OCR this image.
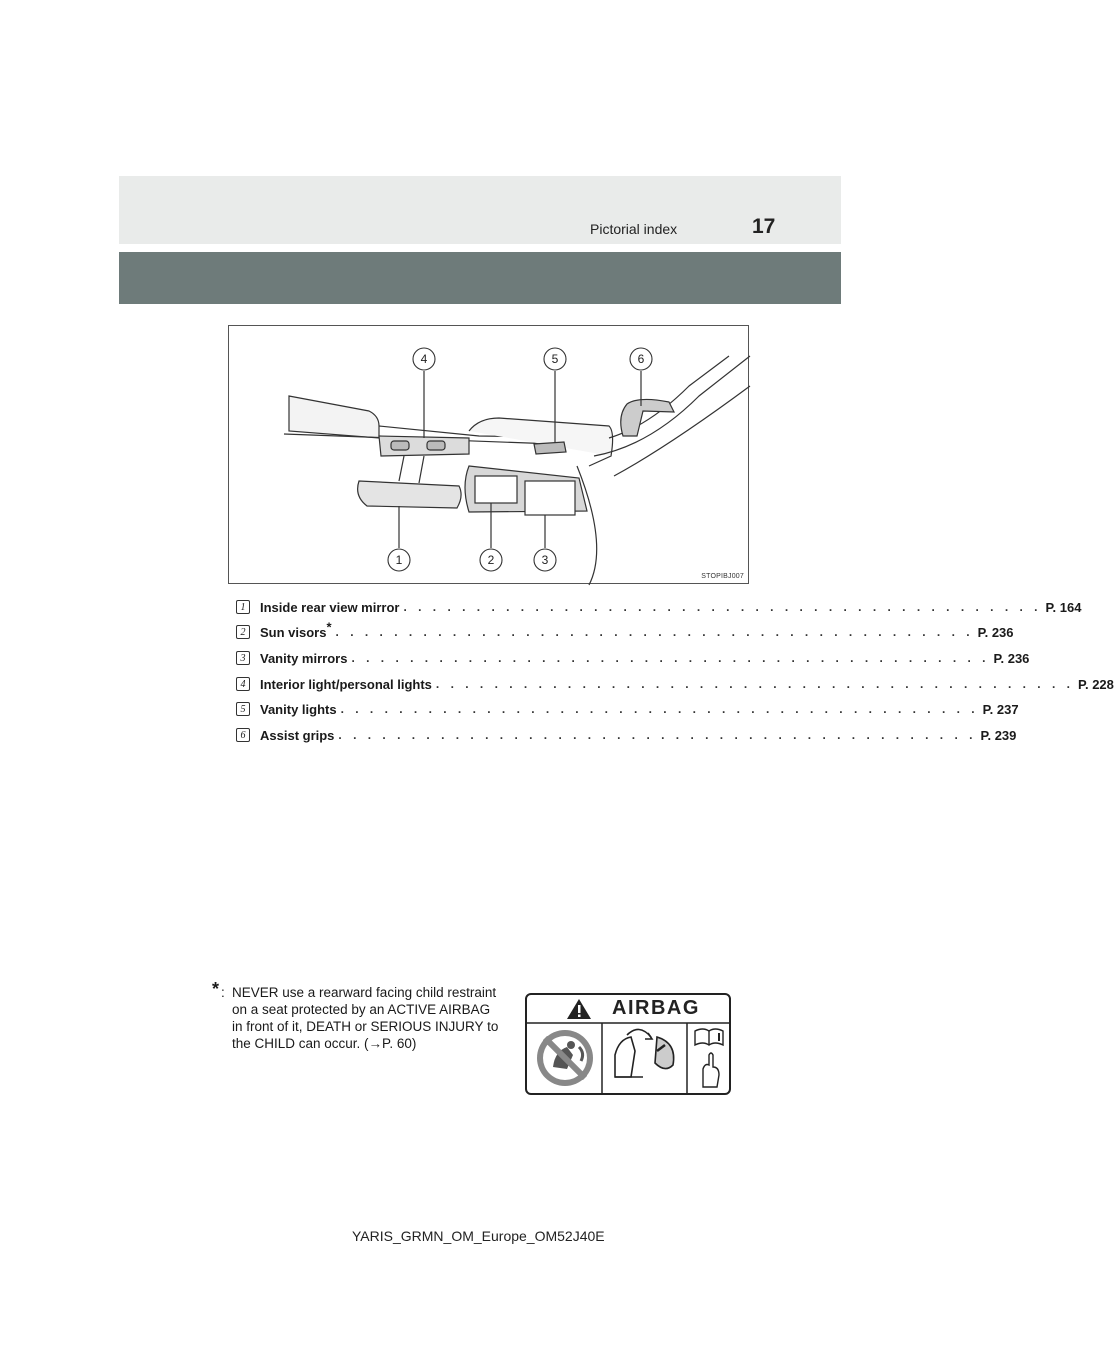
Pictorial index	17
4	5	6
1	2	3
STOPIBJ007
1	Inside rear view mirror . . . . . . . . . . . . . . . . . . . . . . . . . . . . . . . . . . . . . . . . . . . . P. 164
2	Sun visors* . . . . . . . . . . . . . . . . . . . . . . . . . . . . . . . . . . . . . . . . . . . . P. 236
3	Vanity mirrors . . . . . . . . . . . . . . . . . . . . . . . . . . . . . . . . . . . . . . . . . . . . P. 236
4	Interior light/personal lights . . . . . . . . . . . . . . . . . . . . . . . . . . . . . . . . . . . . . . . . . . . . P. 228
5	Vanity lights . . . . . . . . . . . . . . . . . . . . . . . . . . . . . . . . . . . . . . . . . . . . P. 237
6	Assist grips . . . . . . . . . . . . . . . . . . . . . . . . . . . . . . . . . . . . . . . . . . . . P. 239
* : NEVER use a rearward facing child restraint on a seat protected by an ACTIVE AIRBAG in front of it, DEATH or SERIOUS INJURY to the CHILD can occur. (→P. 60)
AIRBAG
YARIS_GRMN_OM_Europe_OM52J40E
